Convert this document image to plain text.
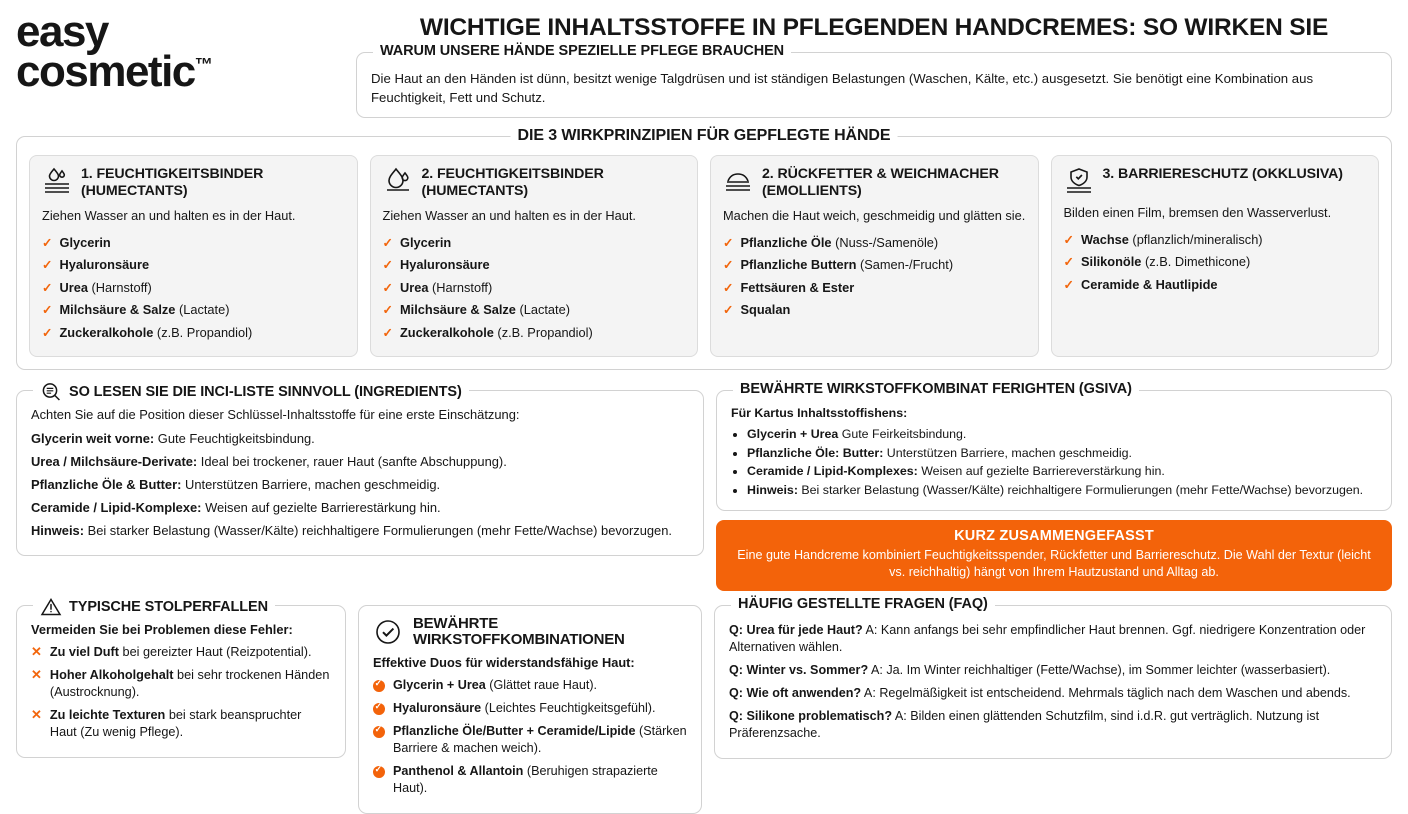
easy
cosmetic™
WICHTIGE INHALTSSTOFFE IN PFLEGENDEN HANDCREMES: SO WIRKEN SIE
WARUM UNSERE HÄNDE SPEZIELLE PFLEGE BRAUCHEN
Die Haut an den Händen ist dünn, besitzt wenige Talgdrüsen und ist ständigen Belastungen (Waschen, Kälte, etc.) ausgesetzt. Sie benötigt eine Kombination aus Feuchtigkeit, Fett und Schutz.
DIE 3 WIRKPRINZIPIEN FÜR GEPFLEGTE HÄNDE
1. FEUCHTIGKEITSBINDER (HUMECTANTS)
Ziehen Wasser an und halten es in der Haut.
✓ Glycerin
✓ Hyaluronsäure
✓ Urea (Harnstoff)
✓ Milchsäure & Salze (Lactate)
✓ Zuckeralkohole (z.B. Propandiol)
2. FEUCHTIGKEITSBINDER (HUMECTANTS)
Ziehen Wasser an und halten es in der Haut.
✓ Glycerin
✓ Hyaluronsäure
✓ Urea (Harnstoff)
✓ Milchsäure & Salze (Lactate)
✓ Zuckeralkohole (z.B. Propandiol)
2. RÜCKFETTER & WEICHMACHER (EMOLLIENTS)
Machen die Haut weich, geschmeidig und glätten sie.
✓ Pflanzliche Öle (Nuss-/Samenöle)
✓ Pflanzliche Buttern (Samen-/Frucht)
✓ Fettsäuren & Ester
✓ Squalan
3. BARRIERESCHUTZ (OKKLUSIVA)
Bilden einen Film, bremsen den Wasserverlust.
✓ Wachse (pflanzlich/mineralisch)
✓ Silikonöle (z.B. Dimethicone)
✓ Ceramide & Hautlipide
SO LESEN SIE DIE INCI-LISTE SINNVOLL (INGREDIENTS)
Achten Sie auf die Position dieser Schlüssel-Inhaltsstoffe für eine erste Einschätzung:

Glycerin weit vorne: Gute Feuchtigkeitsbindung.

Urea / Milchsäure-Derivate: Ideal bei trockener, rauer Haut (sanfte Abschuppung).

Pflanzliche Öle & Butter: Unterstützen Barriere, machen geschmeidig.

Ceramide / Lipid-Komplexe: Weisen auf gezielte Barrierestärkung hin.

Hinweis: Bei starker Belastung (Wasser/Kälte) reichhaltigere Formulierungen (mehr Fette/Wachse) bevorzugen.

BEWÄHRTE WIRKSTOFFKOMBINAT FERIGHTEN (GSIVA)
Für Kartus Inhaltsstoffishens:
• Glycerin + Urea Gute Feirkeitsbindung.
• Pflanzliche Öle: Butter: Unterstützen Barriere, machen geschmeidig.
• Ceramide / Lipid-Komplexes: Weisen auf gezielte Barriereverstärkung hin.
• Hinweis: Bei starker Belastung (Wasser/Kälte) reichhaltigere Formulierungen (mehr Fette/Wachse) bevorzugen.
KURZ ZUSAMMENGEFASST
Eine gute Handcreme kombiniert Feuchtigkeitsspender, Rückfetter und Barriereschutz. Die Wahl der Textur (leicht vs. reichhaltig) hängt von Ihrem Hautzustand und Alltag ab.
TYPISCHE STOLPERFALLEN
Vermeiden Sie bei Problemen diese Fehler:
✕ Zu viel Duft bei gereizter Haut (Reizpotential).
✕ Hoher Alkoholgehalt bei sehr trockenen Händen (Austrocknung).
✕ Zu leichte Texturen bei stark beanspruchter Haut (Zu wenig Pflege).
BEWÄHRTE WIRKSTOFFKOMBINATIONEN
Effektive Duos für widerstandsfähige Haut:
✓
Glycerin + Urea (Glättet raue Haut).
✓
Hyaluronsäure (Leichtes Feuchtigkeitsgefühl).
✓
Pflanzliche Öle/Butter + Ceramide/Lipide (Stärken Barriere & machen weich).
✓
Panthenol & Allantoin (Beruhigen strapazierte Haut).
HÄUFIG GESTELLTE FRAGEN (FAQ)

Q: Urea für jede Haut? A: Kann anfangs bei sehr empfindlicher Haut brennen. Ggf. niedrigere Konzentration oder Alternativen wählen.

Q: Winter vs. Sommer? A: Ja. Im Winter reichhaltiger (Fette/Wachse), im Sommer leichter (wasserbasiert).

Q: Wie oft anwenden? A: Regelmäßigkeit ist entscheidend. Mehrmals täglich nach dem Waschen und abends.

Q: Silikone problematisch? A: Bilden einen glättenden Schutzfilm, sind i.d.R. gut verträglich. Nutzung ist Präferenzsache.
